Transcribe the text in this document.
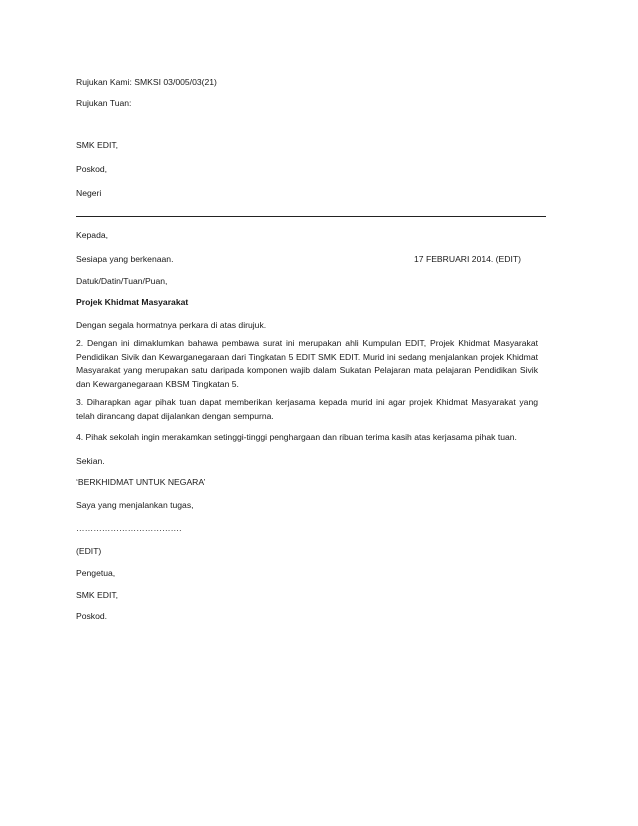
Rujukan Kami: SMKSI 03/005/03(21)
Rujukan Tuan:
SMK EDIT,
Poskod,
Negeri
Kepada,
Sesiapa yang berkenaan.	17 FEBRUARI 2014. (EDIT)
Datuk/Datin/Tuan/Puan,
Projek Khidmat Masyarakat
Dengan segala hormatnya perkara di atas dirujuk.
2. Dengan ini dimaklumkan bahawa pembawa surat ini merupakan ahli Kumpulan EDIT, Projek Khidmat Masyarakat Pendidikan Sivik dan Kewarganegaraan dari Tingkatan 5 EDIT SMK EDIT. Murid ini sedang menjalankan projek Khidmat Masyarakat yang merupakan satu daripada komponen wajib dalam Sukatan Pelajaran mata pelajaran Pendidikan Sivik dan Kewarganegaraan KBSM Tingkatan 5.
3. Diharapkan agar pihak tuan dapat memberikan kerjasama kepada murid ini agar projek Khidmat Masyarakat yang telah dirancang dapat dijalankan dengan sempurna.
4. Pihak sekolah ingin merakamkan setinggi-tinggi penghargaan dan ribuan terima kasih atas kerjasama pihak tuan.
Sekian.
‘BERKHIDMAT UNTUK NEGARA’
Saya yang menjalankan tugas,
……………………………….
(EDIT)
Pengetua,
SMK EDIT,
Poskod.
